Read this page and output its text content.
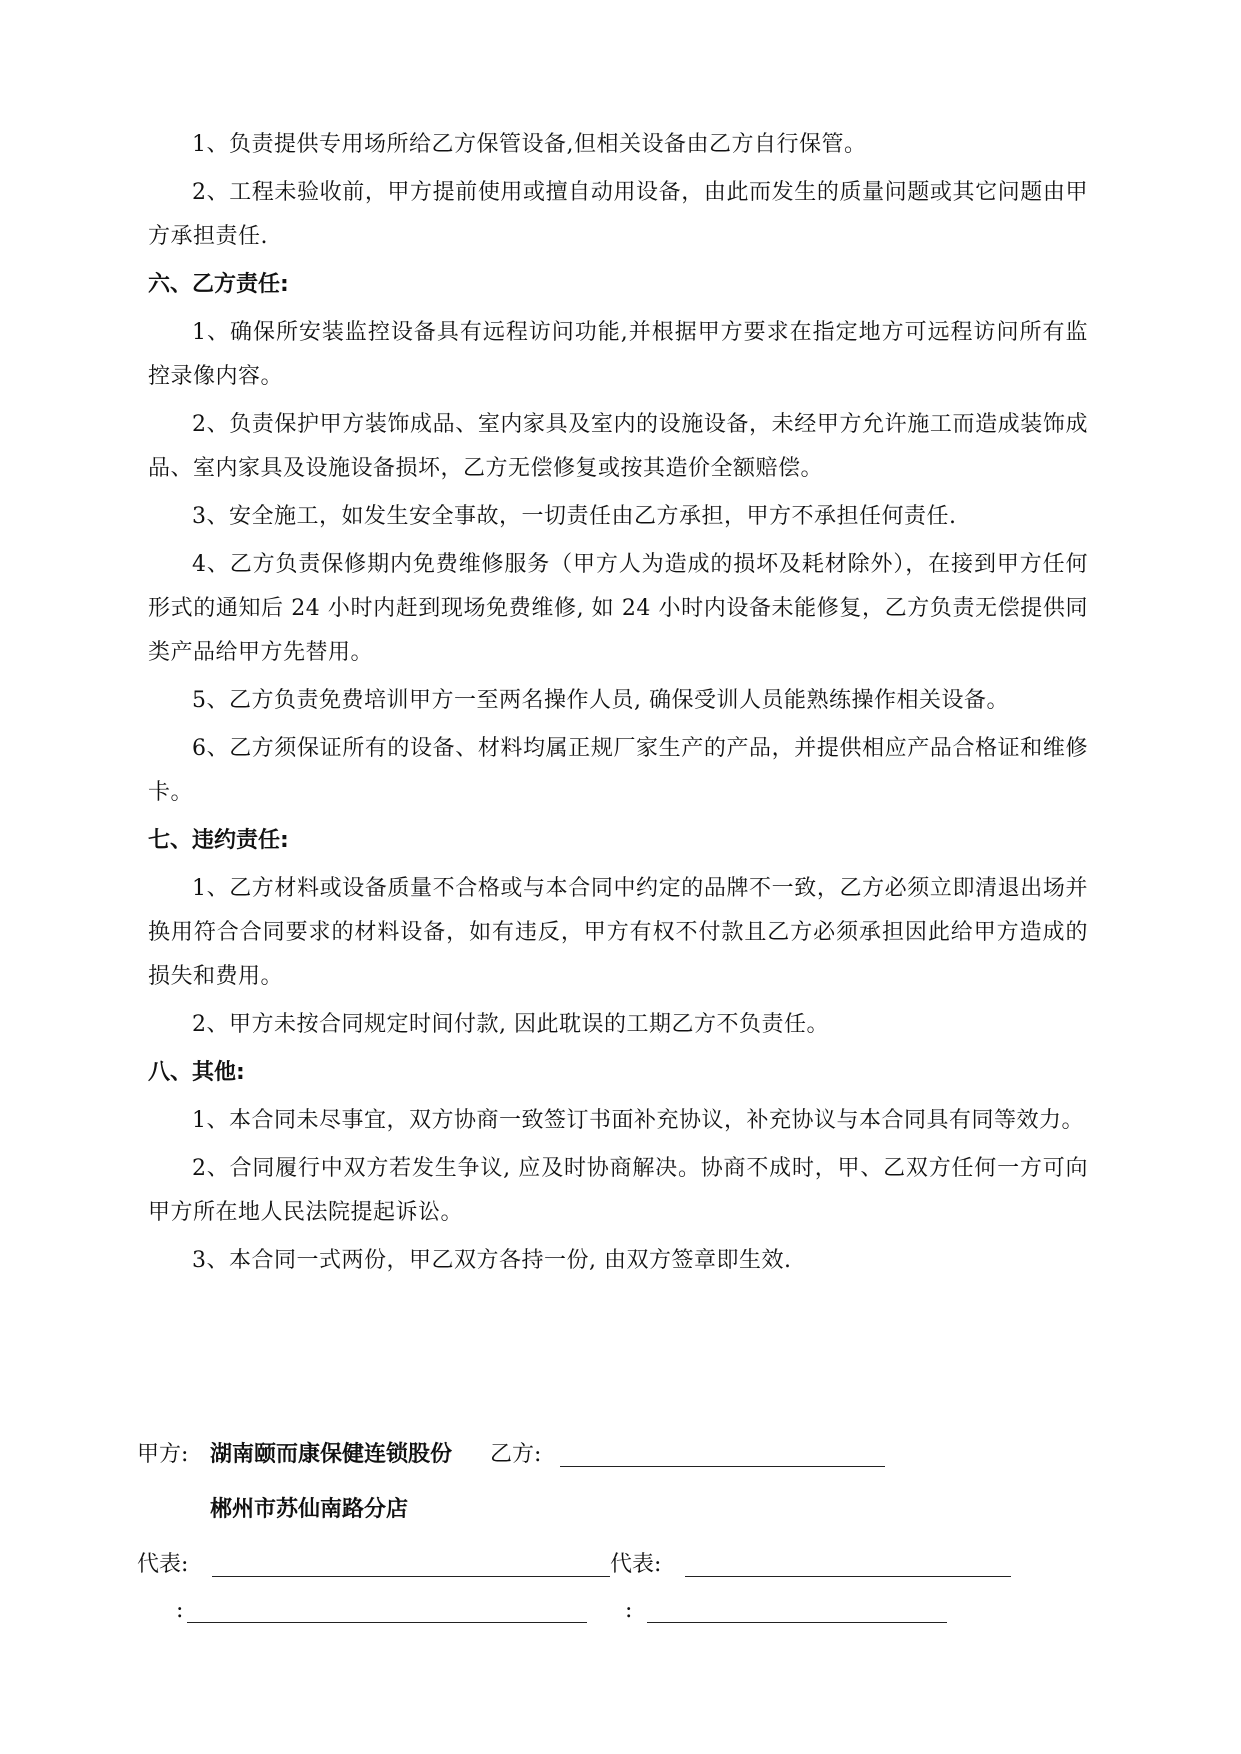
1、负责提供专用场所给乙方保管设备,但相关设备由乙方自行保管。

2、工程未验收前，甲方提前使用或擅自动用设备，由此而发生的质量问题或其它问题由甲方承担责任.

六、乙方责任:

1、确保所安装监控设备具有远程访问功能,并根据甲方要求在指定地方可远程访问所有监控录像内容。

2、负责保护甲方装饰成品、室内家具及室内的设施设备，未经甲方允许施工而造成装饰成品、室内家具及设施设备损坏，乙方无偿修复或按其造价全额赔偿。

3、安全施工，如发生安全事故，一切责任由乙方承担，甲方不承担任何责任.

4、乙方负责保修期内免费维修服务（甲方人为造成的损坏及耗材除外），在接到甲方任何形式的通知后 24 小时内赶到现场免费维修, 如 24 小时内设备未能修复，乙方负责无偿提供同类产品给甲方先替用。

5、乙方负责免费培训甲方一至两名操作人员, 确保受训人员能熟练操作相关设备。

6、乙方须保证所有的设备、材料均属正规厂家生产的产品，并提供相应产品合格证和维修卡。

七、违约责任:

1、乙方材料或设备质量不合格或与本合同中约定的品牌不一致，乙方必须立即清退出场并换用符合合同要求的材料设备，如有违反，甲方有权不付款且乙方必须承担因此给甲方造成的损失和费用。

2、甲方未按合同规定时间付款, 因此耽误的工期乙方不负责任。

八、其他:

1、本合同未尽事宜，双方协商一致签订书面补充协议，补充协议与本合同具有同等效力。

2、合同履行中双方若发生争议, 应及时协商解决。协商不成时，甲、乙双方任何一方可向甲方所在地人民法院提起诉讼。

3、本合同一式两份，甲乙双方各持一份, 由双方签章即生效.

甲方: 湖南颐而康保健连锁股份 乙方:
郴州市苏仙南路分店
代表:	代表:
:	:
